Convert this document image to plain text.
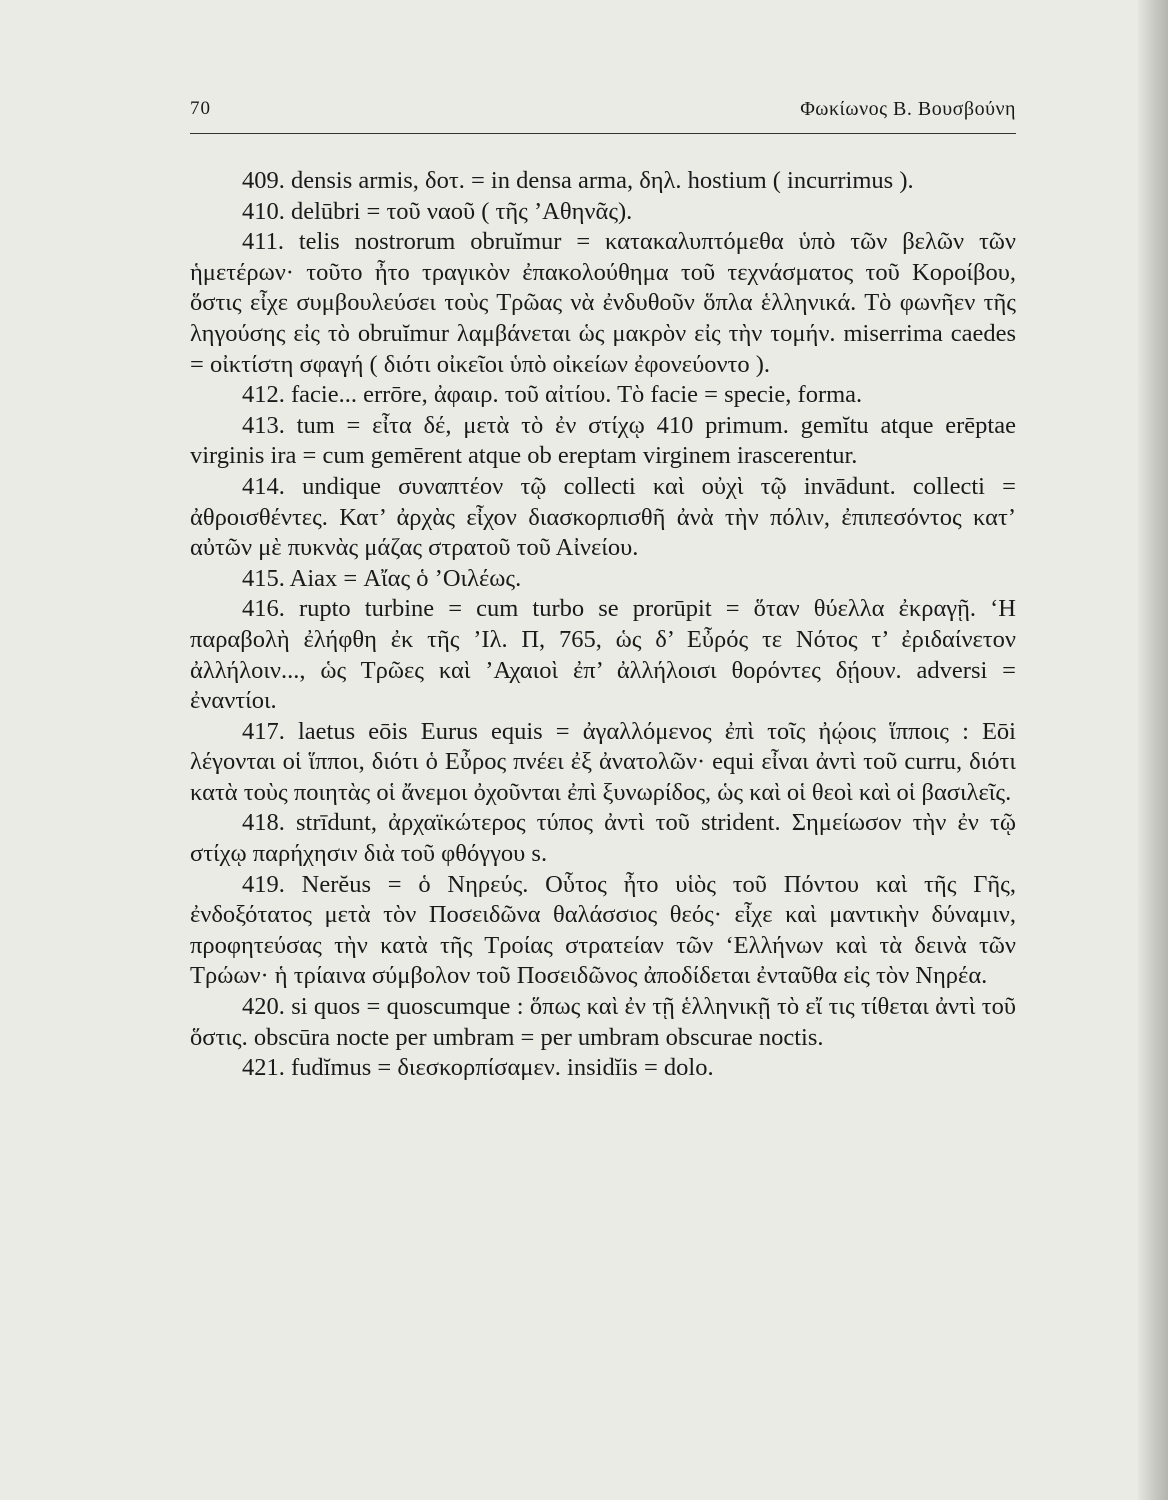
70	Φωκίωνος Β. Βουσβούνη

409. densis armis, δοτ. = in densa arma, δηλ. hostium ( incurrimus ).

410. delūbri = τοῦ ναοῦ ( τῆς ’Αθηνᾶς).

411. telis nostrorum obruĭmur = κατακαλυπτόμεθα ὑπὸ τῶν βελῶν τῶν ἡμετέρων· τοῦτο ἦτο τραγικὸν ἐπακολούθημα τοῦ τεχνάσματος τοῦ Κοροίβου, ὅστις εἶχε συμβουλεύσει τοὺς Τρῶας νὰ ἐνδυθοῦν ὅπλα ἑλληνικά. Τὸ φωνῆεν τῆς ληγούσης εἰς τὸ obruĭmur λαμβάνεται ὡς μακρὸν εἰς τὴν τομήν. miserrima caedes = οἰκτίστη σφαγή ( διότι οἰκεῖοι ὑπὸ οἰκείων ἐφονεύοντο ).

412. facie... errōre, ἀφαιρ. τοῦ αἰτίου. Τὸ facie = specie, forma.

413. tum = εἶτα δέ, μετὰ τὸ ἐν στίχῳ 410 primum. gemĭtu atque erēptae virginis ira = cum gemērent atque ob ereptam virginem irascerentur.

414. undique συναπτέον τῷ collecti καὶ οὐχὶ τῷ invādunt. collecti = ἀθροισθέντες. Κατ’ ἀρχὰς εἶχον διασκορπισθῆ ἀνὰ τὴν πόλιν, ἐπιπεσόντος κατ’ αὐτῶν μὲ πυκνὰς μάζας στρατοῦ τοῦ Αἰνείου.

415. Aiax = Αἴας ὁ ’Οιλέως.

416. rupto turbine = cum turbo se prorūpit = ὅταν θύελλα ἐκραγῇ. ‘Η παραβολὴ ἐλήφθη ἐκ τῆς ’Ιλ. Π, 765, ὡς δ’ Εὖρός τε Νότος τ’ ἐριδαίνετον ἀλλήλοιν..., ὡς Τρῶες καὶ ’Αχαιοὶ ἐπ’ ἀλλήλοισι θορόντες δῄουν. adversi = ἐναντίοι.

417. laetus eōis Eurus equis = ἀγαλλόμενος ἐπὶ τοῖς ἠῴοις ἵπποις : Eōi λέγονται οἱ ἵπποι, διότι ὁ Εὖρος πνέει ἐξ ἀνατολῶν· equi εἶναι ἀντὶ τοῦ curru, διότι κατὰ τοὺς ποιητὰς οἱ ἄνεμοι ὀχοῦνται ἐπὶ ξυνωρίδος, ὡς καὶ οἱ θεοὶ καὶ οἱ βασιλεῖς.

418. strīdunt, ἀρχαϊκώτερος τύπος ἀντὶ τοῦ strident. Σημείωσον τὴν ἐν τῷ στίχῳ παρήχησιν διὰ τοῦ φθόγγου s.

419. Nerĕus = ὁ Νηρεύς. Οὗτος ἦτο υἱὸς τοῦ Πόντου καὶ τῆς Γῆς, ἐνδοξότατος μετὰ τὸν Ποσειδῶνα θαλάσσιος θεός· εἶχε καὶ μαντικὴν δύναμιν, προφητεύσας τὴν κατὰ τῆς Τροίας στρατείαν τῶν ‘Ελλήνων καὶ τὰ δεινὰ τῶν Τρώων· ἡ τρίαινα σύμβολον τοῦ Ποσειδῶνος ἀποδίδεται ἐνταῦθα εἰς τὸν Νηρέα.

420. si quos = quoscumque : ὅπως καὶ ἐν τῇ ἑλληνικῇ τὸ εἴ τις τίθεται ἀντὶ τοῦ ὅστις. obscūra nocte per umbram = per umbram obscurae noctis.

421. fudĭmus = διεσκορπίσαμεν. insidĭis = dolo.
